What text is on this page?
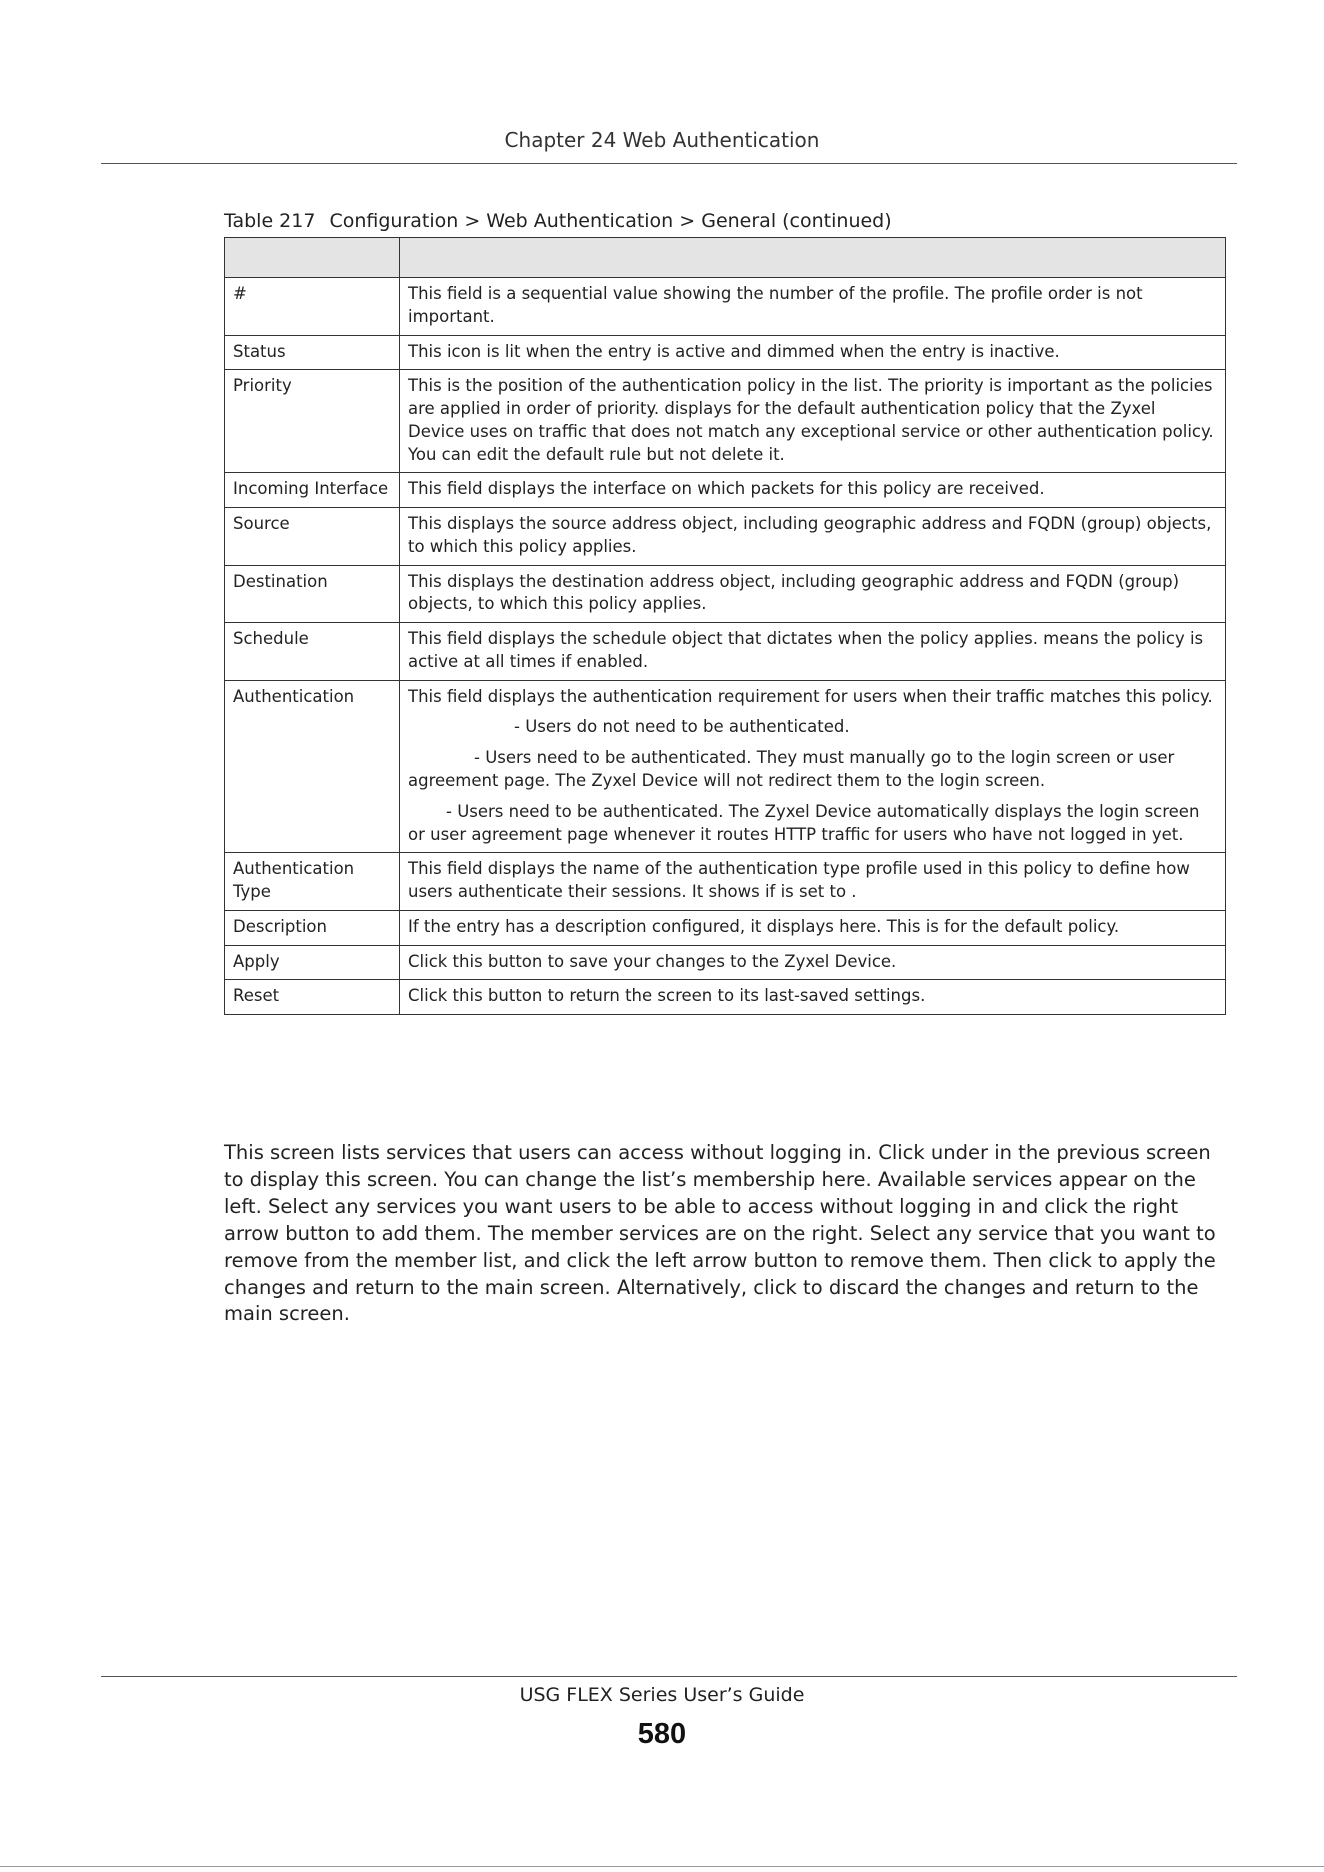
Chapter 24 Web Authentication
Table 217 Configuration > Web Authentication > General (continued)

#	This field is a sequential value showing the number of the profile. The profile order is not important.

Status	This icon is lit when the entry is active and dimmed when the entry is inactive.

Priority	This is the position of the authentication policy in the list. The priority is important as the policies are applied in order of priority. displays for the default authentication policy that the Zyxel Device uses on traffic that does not match any exceptional service or other authentication policy. You can edit the default rule but not delete it.

Incoming Interface	This field displays the interface on which packets for this policy are received.

Source	This displays the source address object, including geographic address and FQDN (group) objects, to which this policy applies.

Destination	This displays the destination address object, including geographic address and FQDN (group) objects, to which this policy applies.

Schedule	This field displays the schedule object that dictates when the policy applies. means the policy is active at all times if enabled.

Authentication	This field displays the authentication requirement for users when their traffic matches this policy.

- Users do not need to be authenticated.

- Users need to be authenticated. They must manually go to the login screen or user agreement page. The Zyxel Device will not redirect them to the login screen.

- Users need to be authenticated. The Zyxel Device automatically displays the login screen or user agreement page whenever it routes HTTP traffic for users who have not logged in yet.

Authentication Type	This field displays the name of the authentication type profile used in this policy to define how users authenticate their sessions. It shows if is set to .

Description	If the entry has a description configured, it displays here. This is for the default policy.

Apply	Click this button to save your changes to the Zyxel Device.

Reset	Click this button to return the screen to its last-saved settings.

This screen lists services that users can access without logging in. Click under in the previous screen to display this screen. You can change the list’s membership here. Available services appear on the left. Select any services you want users to be able to access without logging in and click the right arrow button to add them. The member services are on the right. Select any service that you want to remove from the member list, and click the left arrow button to remove them. Then click to apply the changes and return to the main screen. Alternatively, click to discard the changes and return to the main screen.

USG FLEX Series User’s Guide
580
